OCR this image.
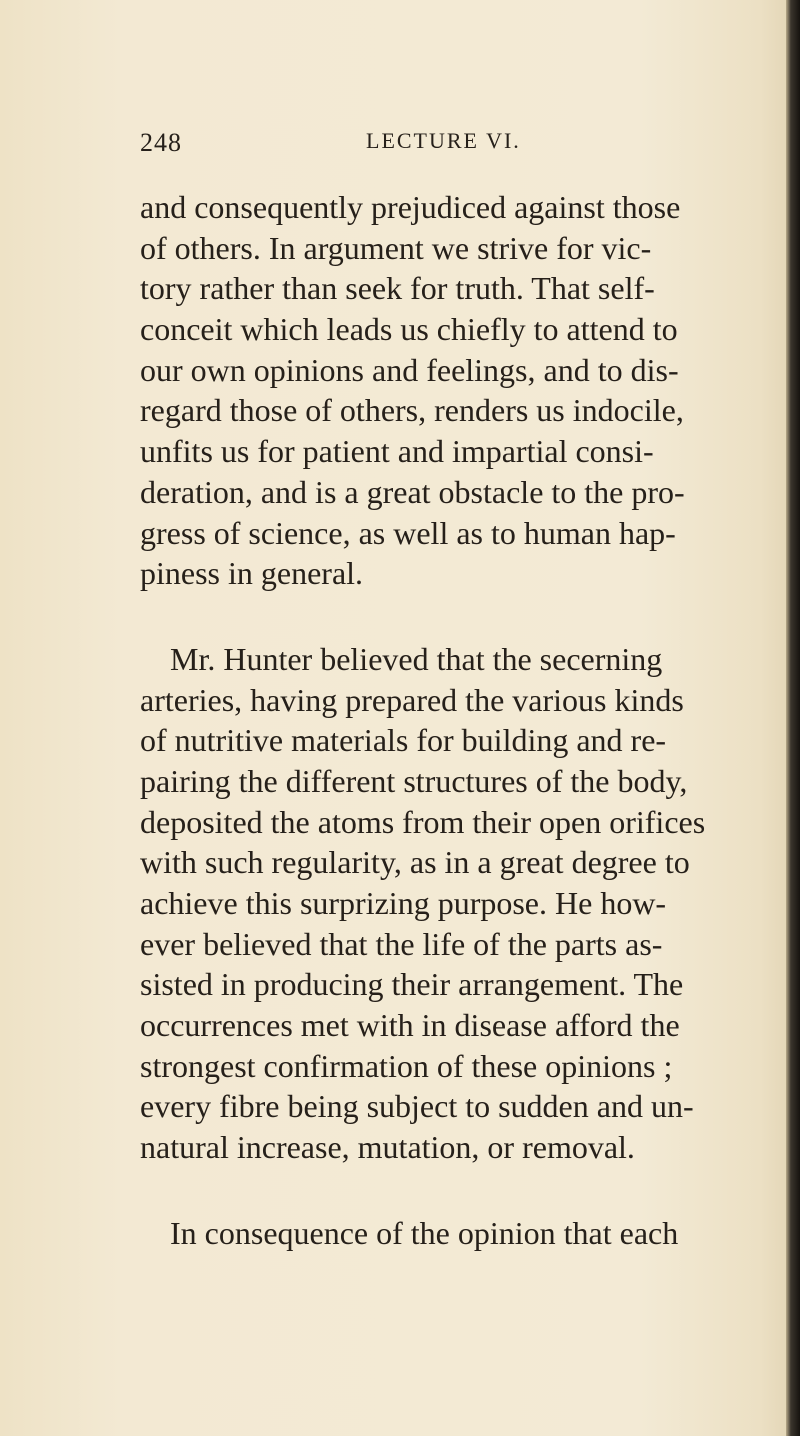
248	LECTURE VI.
and consequently prejudiced against those
of others. In argument we strive for vic-
tory rather than seek for truth. That self-
conceit which leads us chiefly to attend to
our own opinions and feelings, and to dis-
regard those of others, renders us indocile,
unfits us for patient and impartial consi-
deration, and is a great obstacle to the pro-
gress of science, as well as to human hap-
piness in general.
Mr. Hunter believed that the secerning
arteries, having prepared the various kinds
of nutritive materials for building and re-
pairing the different structures of the body,
deposited the atoms from their open orifices
with such regularity, as in a great degree to
achieve this surprizing purpose. He how-
ever believed that the life of the parts as-
sisted in producing their arrangement. The
occurrences met with in disease afford the
strongest confirmation of these opinions ;
every fibre being subject to sudden and un-
natural increase, mutation, or removal.
In consequence of the opinion that each
